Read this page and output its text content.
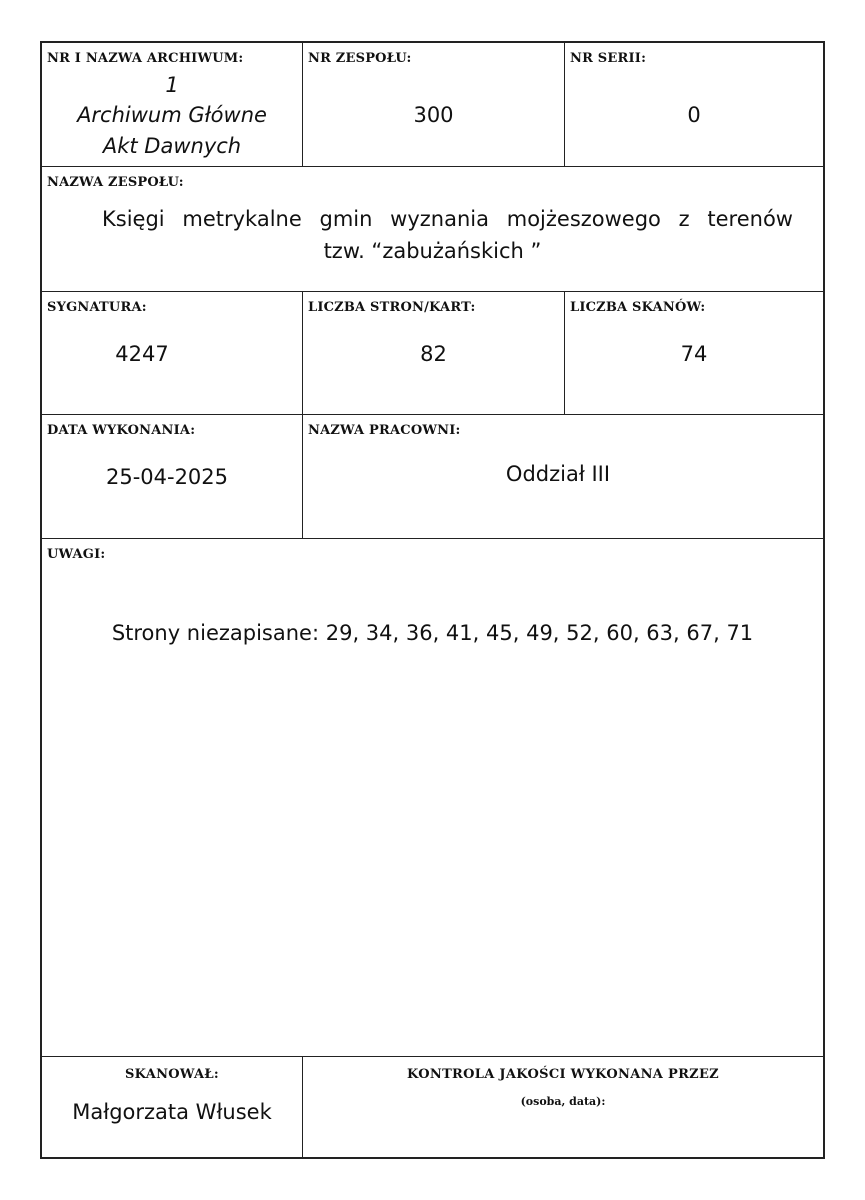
NR I NAZWA ARCHIWUM:
1
Archiwum Główne
Akt Dawnych
NR ZESPOŁU:
300
NR SERII:
0
NAZWA ZESPOŁU:
Księgi metrykalne gmin wyznania mojżeszowego z terenów
tzw. “zabużańskich ”
SYGNATURA:
4247
LICZBA STRON/KART:
82
LICZBA SKANÓW:
74
DATA WYKONANIA:
25-04-2025
NAZWA PRACOWNI:
Oddział III
UWAGI:
Strony niezapisane: 29, 34, 36, 41, 45, 49, 52, 60, 63, 67, 71
SKANOWAŁ:
Małgorzata Włusek
KONTROLA JAKOŚCI WYKONANA PRZEZ
(osoba, data):
